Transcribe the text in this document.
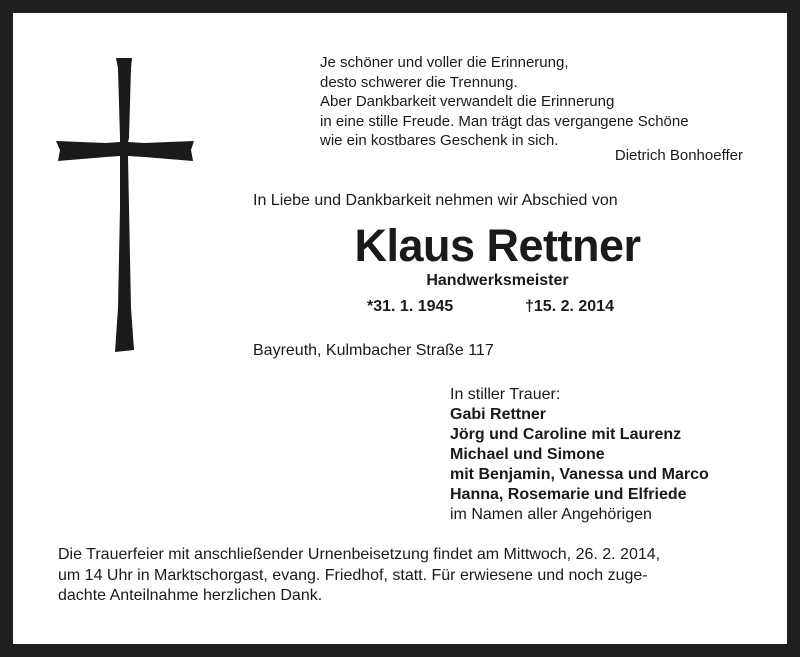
Je schöner und voller die Erinnerung,
desto schwerer die Trennung.
Aber Dankbarkeit verwandelt die Erinnerung
in eine stille Freude. Man trägt das vergangene Schöne
wie ein kostbares Geschenk in sich.
Dietrich Bonhoeffer
In Liebe und Dankbarkeit nehmen wir Abschied von
Klaus Rettner
Handwerksmeister
*31. 1. 1945	†15. 2. 2014
Bayreuth, Kulmbacher Straße 117
In stiller Trauer:
Gabi Rettner
Jörg und Caroline mit Laurenz
Michael und Simone
mit Benjamin, Vanessa und Marco
Hanna, Rosemarie und Elfriede
im Namen aller Angehörigen
Die Trauerfeier mit anschließender Urnenbeisetzung findet am Mittwoch, 26. 2. 2014,
um 14 Uhr in Marktschorgast, evang. Friedhof, statt. Für erwiesene und noch zuge-
dachte Anteilnahme herzlichen Dank.
